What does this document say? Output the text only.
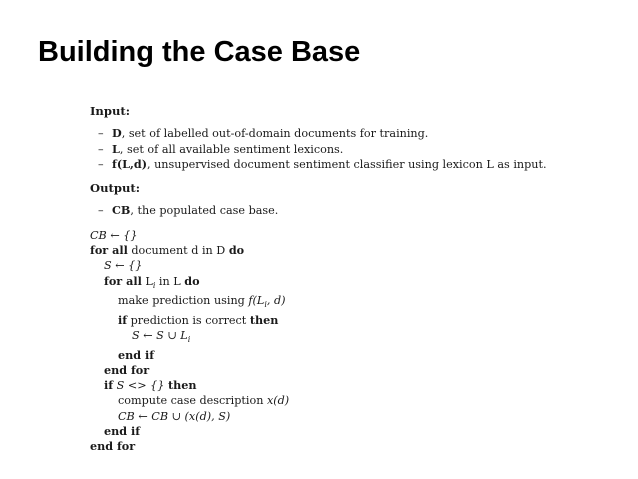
Building the Case Base
Input:
– D, set of labelled out-of-domain documents for training.
– L, set of all available sentiment lexicons.
– f(L,d), unsupervised document sentiment classifier using lexicon L as input.
Output:
– CB, the populated case base.
CB ← {}
for all document d in D do
S ← {}
for all $L_i$ in L do
make prediction using $f(L_i$, d)
if prediction is correct then
S ← S ∪ $L_i$
end if
end for
if S <> {} then
compute case description x(d)
CB ← CB ∪ (x(d), S)
end if
end for
